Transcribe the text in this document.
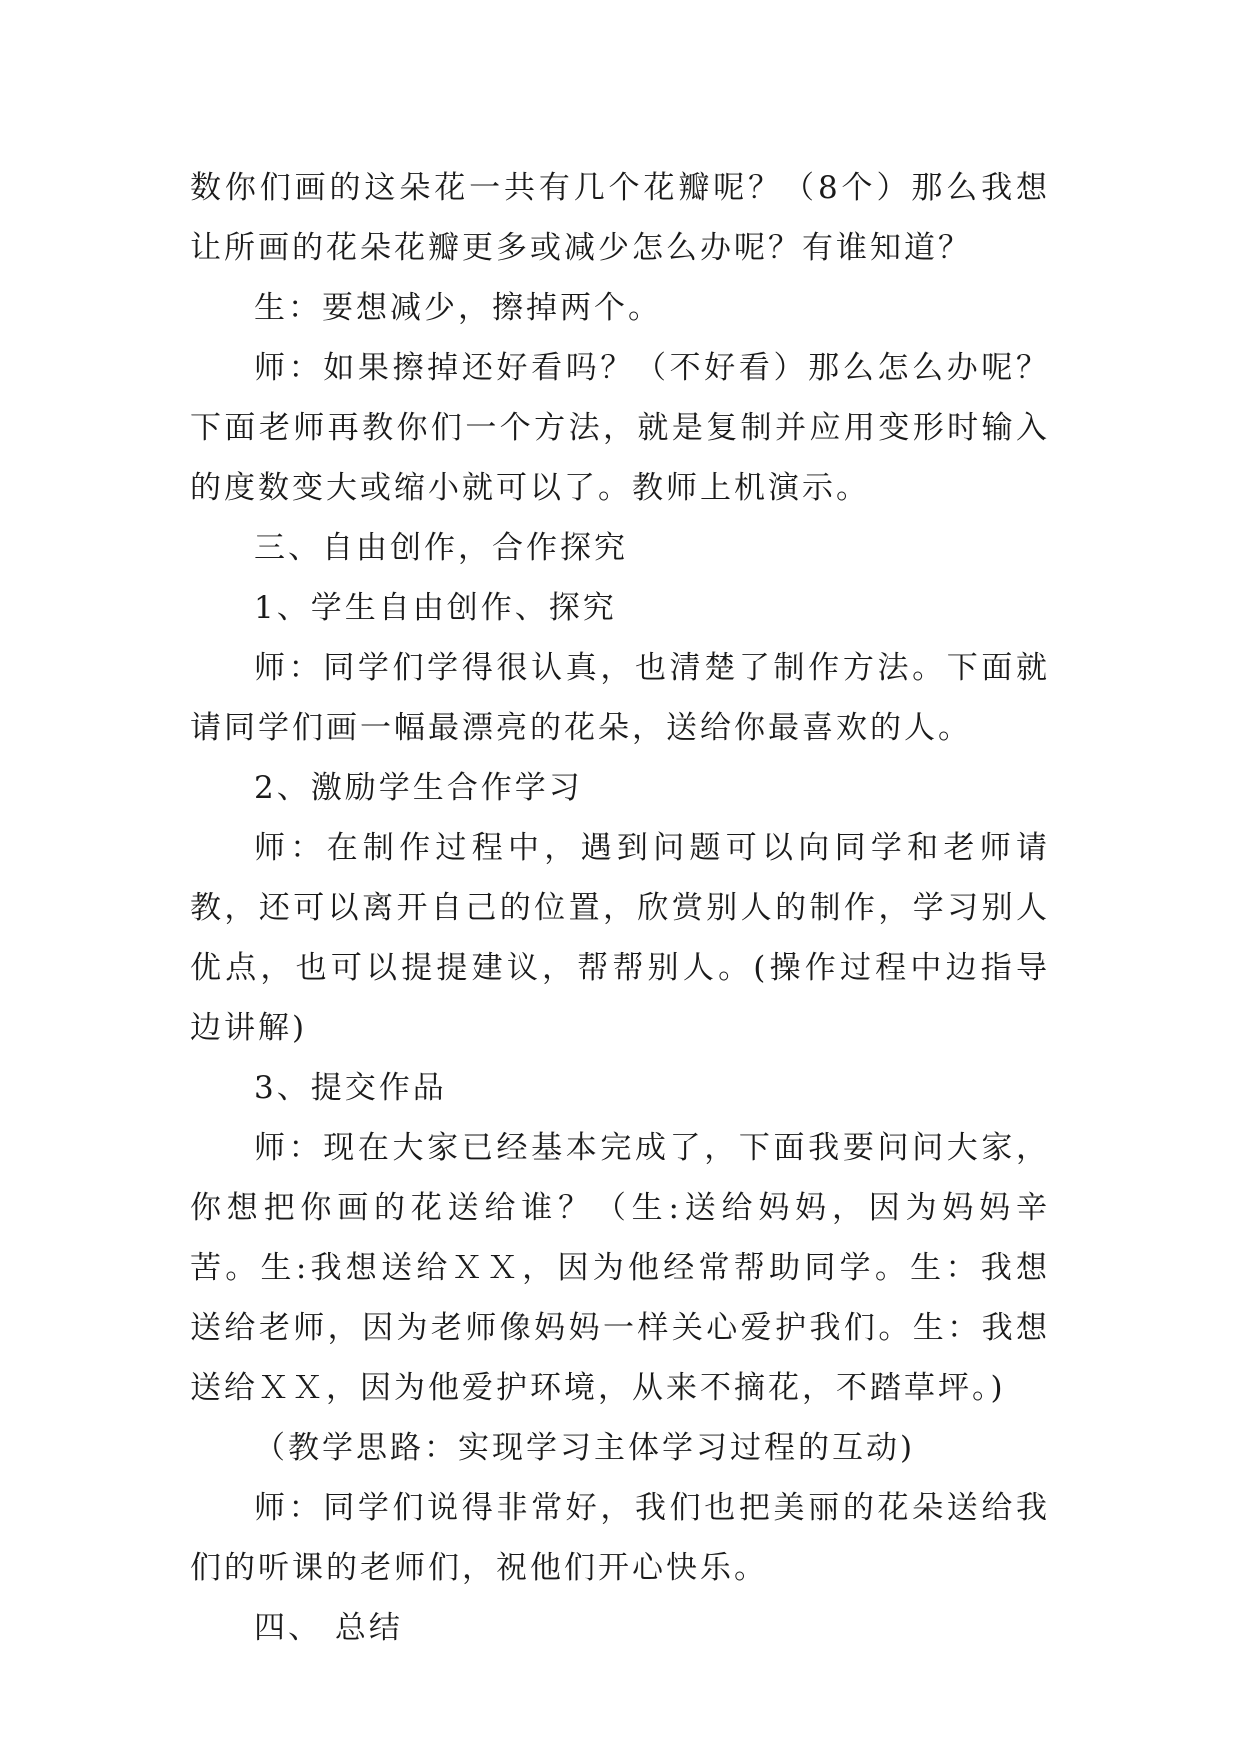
数你们画的这朵花一共有几个花瓣呢？（8个）那么我想让所画的花朵花瓣更多或减少怎么办呢？有谁知道？

生：要想减少，擦掉两个。

师：如果擦掉还好看吗？（不好看）那么怎么办呢？下面老师再教你们一个方法，就是复制并应用变形时输入的度数变大或缩小就可以了。教师上机演示。

三、自由创作，合作探究

1、学生自由创作、探究

师：同学们学得很认真，也清楚了制作方法。下面就请同学们画一幅最漂亮的花朵，送给你最喜欢的人。

2、激励学生合作学习

师：在制作过程中，遇到问题可以向同学和老师请教，还可以离开自己的位置，欣赏别人的制作，学习别人优点，也可以提提建议，帮帮别人。(操作过程中边指导边讲解)

3、提交作品

师：现在大家已经基本完成了，下面我要问问大家，你想把你画的花送给谁？（生:送给妈妈，因为妈妈辛苦。生:我想送给ＸＸ，因为他经常帮助同学。生：我想送给老师，因为老师像妈妈一样关心爱护我们。生：我想送给ＸＸ，因为他爱护环境，从来不摘花，不踏草坪。)

（教学思路：实现学习主体学习过程的互动)

师：同学们说得非常好，我们也把美丽的花朵送给我们的听课的老师们，祝他们开心快乐。

四、 总结
